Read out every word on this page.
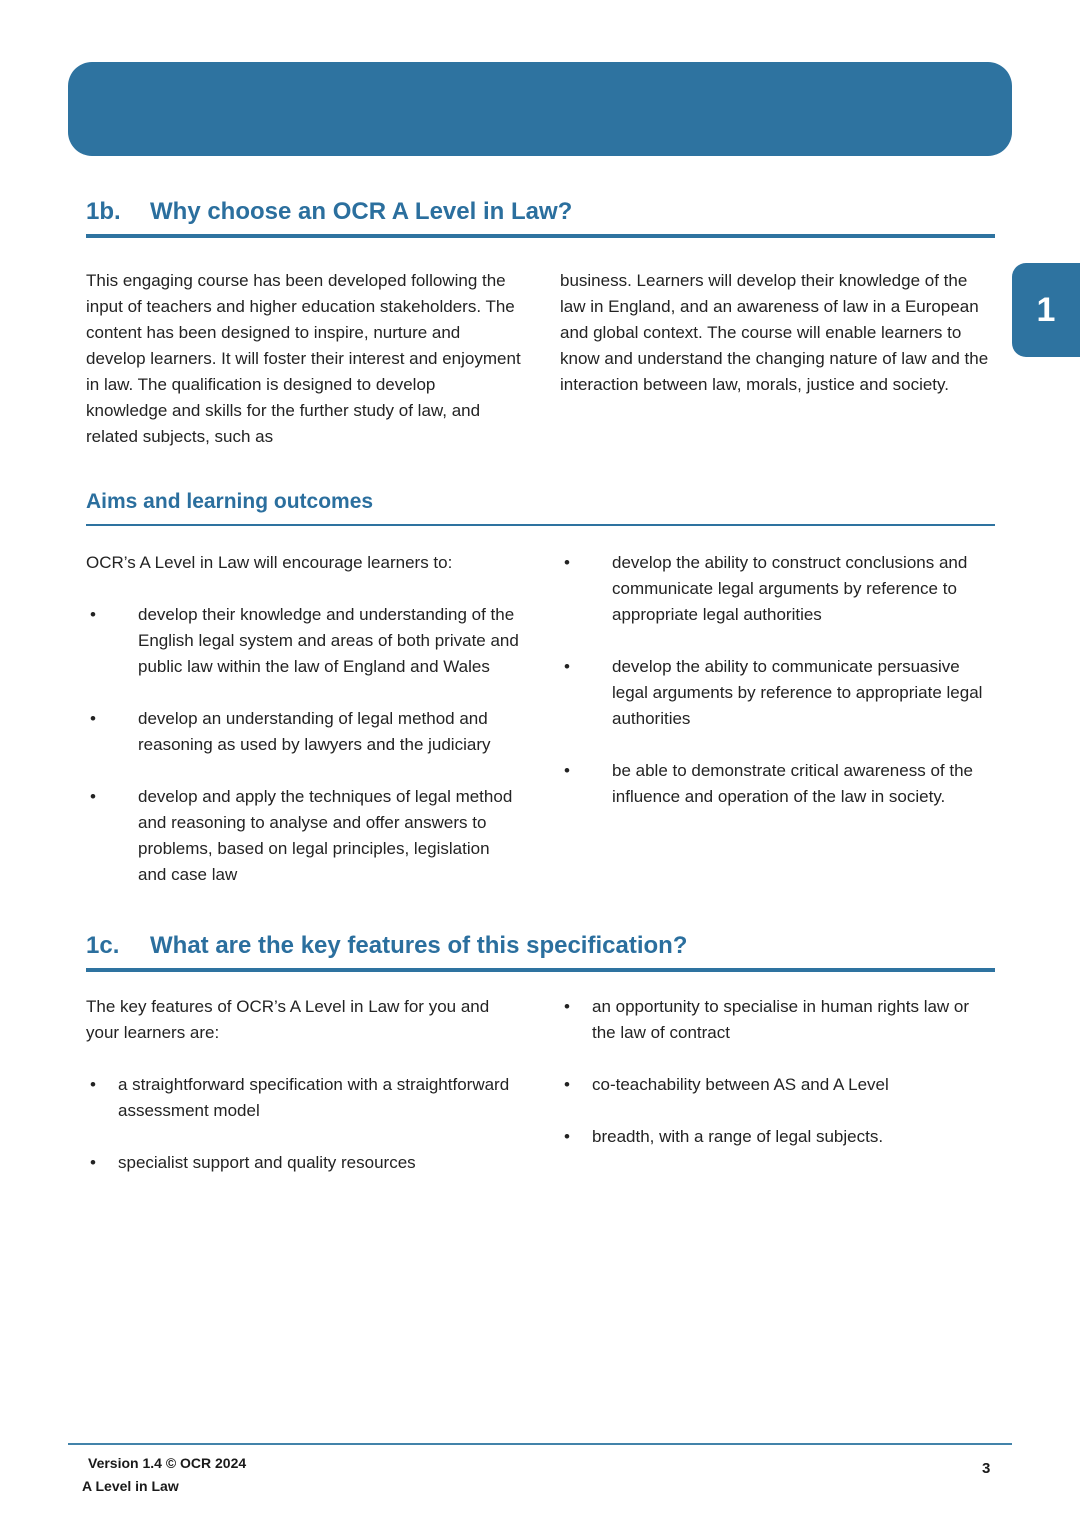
1
1b.	Why choose an OCR A Level in Law?

This engaging course has been developed following the input of teachers and higher education stakeholders. The content has been designed to inspire, nurture and develop learners. It will foster their interest and enjoyment in law. The qualification is designed to develop knowledge and skills for the further study of law, and related subjects, such as

business. Learners will develop their knowledge of the law in England, and an awareness of law in a European and global context. The course will enable learners to know and understand the changing nature of law and the interaction between law, morals, justice and society.

Aims and learning outcomes

OCR’s A Level in Law will encourage learners to:

• develop their knowledge and understanding of the English legal system and areas of both private and public law within the law of England and Wales
• develop an understanding of legal method and reasoning as used by lawyers and the judiciary
• develop and apply the techniques of legal method and reasoning to analyse and offer answers to problems, based on legal principles, legislation and case law
• develop the ability to construct conclusions and communicate legal arguments by reference to appropriate legal authorities
• develop the ability to communicate persuasive legal arguments by reference to appropriate legal authorities
• be able to demonstrate critical awareness of the influence and operation of the law in society.
1c.	What are the key features of this specification?

The key features of OCR’s A Level in Law for you and your learners are:

• a straightforward specification with a straightforward assessment model
• specialist support and quality resources
• an opportunity to specialise in human rights law or the law of contract
• co-teachability between AS and A Level
• breadth, with a range of legal subjects.
Version 1.4 © OCR 2024
A Level in Law
3
